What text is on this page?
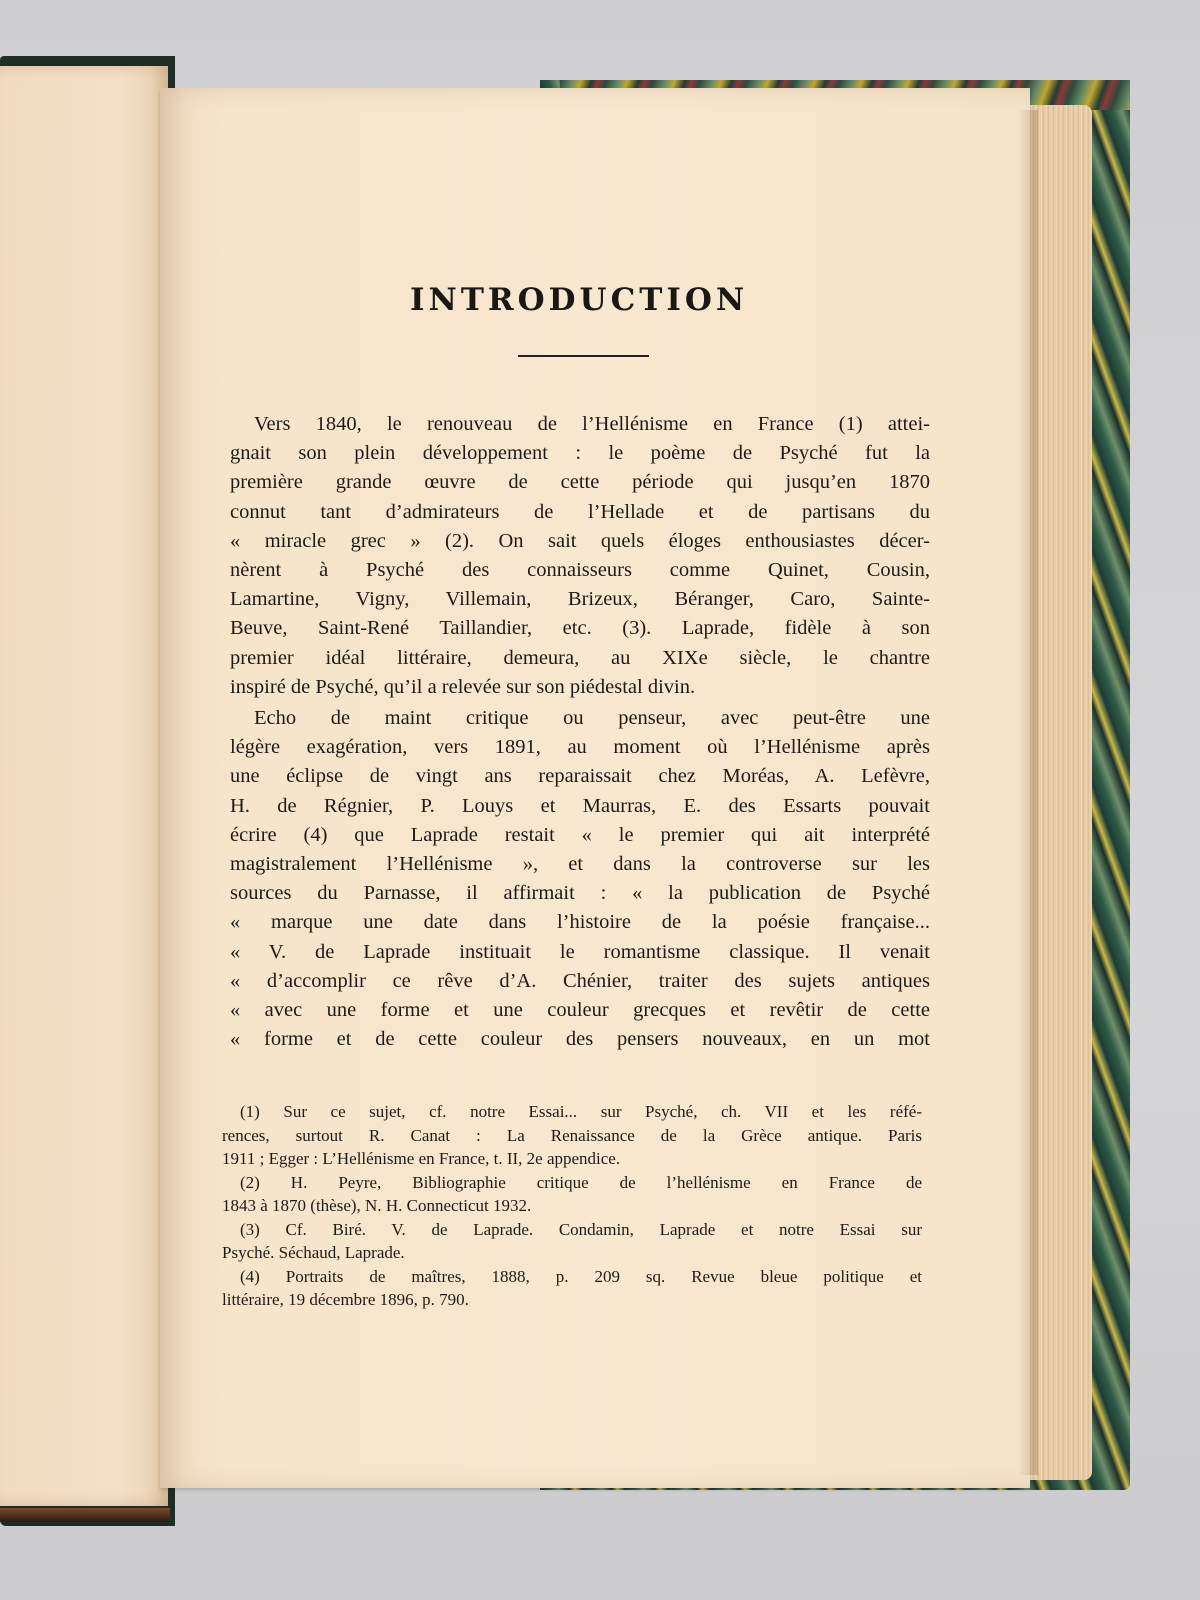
INTRODUCTION
Vers 1840, le renouveau de l’Hellénisme en France (1) attei-
gnait son plein développement : le poème de Psyché fut la
première grande œuvre de cette période qui jusqu’en 1870
connut tant d’admirateurs de l’Hellade et de partisans du
« miracle grec » (2). On sait quels éloges enthousiastes décer-
nèrent à Psyché des connaisseurs comme Quinet, Cousin,
Lamartine, Vigny, Villemain, Brizeux, Béranger, Caro, Sainte-
Beuve, Saint-René Taillandier, etc. (3). Laprade, fidèle à son
premier idéal littéraire, demeura, au XIXe siècle, le chantre
inspiré de Psyché, qu’il a relevée sur son piédestal divin.
Echo de maint critique ou penseur, avec peut-être une
légère exagération, vers 1891, au moment où l’Hellénisme après
une éclipse de vingt ans reparaissait chez Moréas, A. Lefèvre,
H. de Régnier, P. Louys et Maurras, E. des Essarts pouvait
écrire (4) que Laprade restait « le premier qui ait interprété
magistralement l’Hellénisme », et dans la controverse sur les
sources du Parnasse, il affirmait : « la publication de Psyché
« marque une date dans l’histoire de la poésie française...
« V. de Laprade instituait le romantisme classique. Il venait
« d’accomplir ce rêve d’A. Chénier, traiter des sujets antiques
« avec une forme et une couleur grecques et revêtir de cette
« forme et de cette couleur des pensers nouveaux, en un mot
(1) Sur ce sujet, cf. notre Essai... sur Psyché, ch. VII et les réfé-
rences, surtout R. Canat : La Renaissance de la Grèce antique. Paris
1911 ; Egger : L’Hellénisme en France, t. II, 2e appendice.
(2) H. Peyre, Bibliographie critique de l’hellénisme en France de
1843 à 1870 (thèse), N. H. Connecticut 1932.
(3) Cf. Biré. V. de Laprade. Condamin, Laprade et notre Essai sur
Psyché. Séchaud, Laprade.
(4) Portraits de maîtres, 1888, p. 209 sq. Revue bleue politique et
littéraire, 19 décembre 1896, p. 790.
